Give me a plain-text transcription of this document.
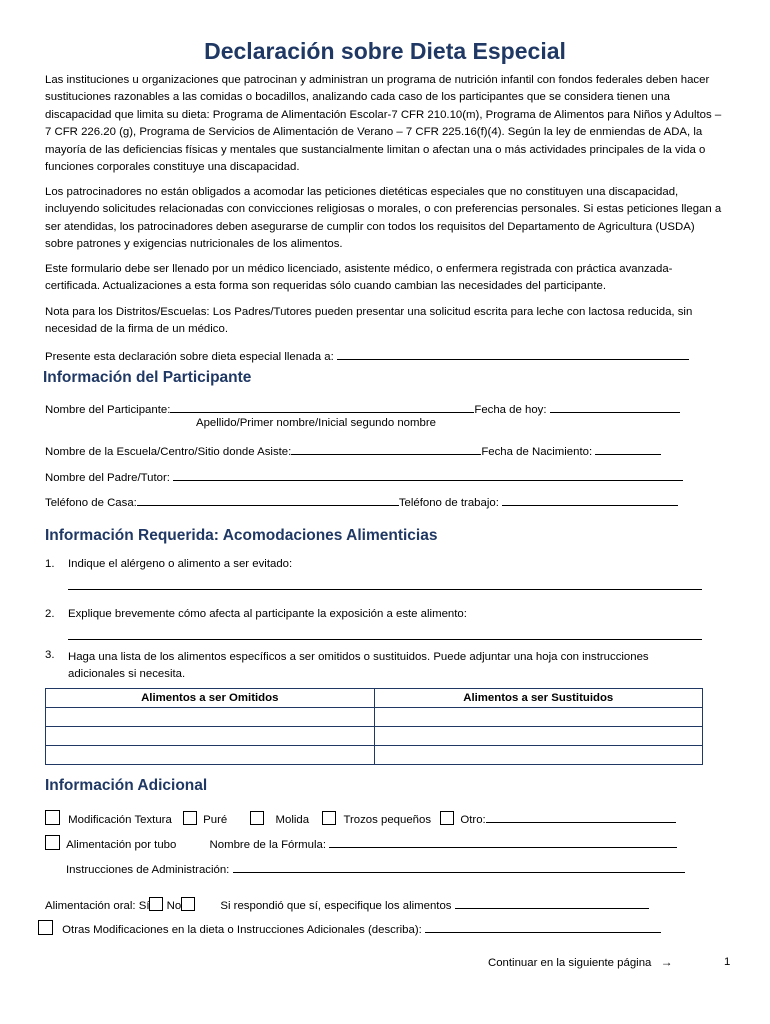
Declaración sobre Dieta Especial
Las instituciones u organizaciones que patrocinan y administran un programa de nutrición infantil con fondos federales deben hacer sustituciones razonables a las comidas o bocadillos, analizando cada caso de los participantes que se considera tienen una discapacidad que limita su dieta: Programa de Alimentación Escolar-7 CFR 210.10(m), Programa de Alimentos para Niños y Adultos – 7 CFR 226.20 (g), Programa de Servicios de Alimentación de Verano – 7 CFR 225.16(f)(4). Según la ley de enmiendas de ADA, la mayoría de las deficiencias físicas y mentales que sustancialmente limitan o afectan una o más actividades principales de la vida o funciones corporales constituye una discapacidad.
Los patrocinadores no están obligados a acomodar las peticiones dietéticas especiales que no constituyen una discapacidad, incluyendo solicitudes relacionadas con convicciones religiosas o morales, o con preferencias personales. Si estas peticiones llegan a ser atendidas, los patrocinadores deben asegurarse de cumplir con todos los requisitos del Departamento de Agricultura (USDA) sobre patrones y exigencias nutricionales de los alimentos.
Este formulario debe ser llenado por un médico licenciado, asistente médico, o enfermera registrada con práctica avanzada-certificada. Actualizaciones a esta forma son requeridas sólo cuando cambian las necesidades del participante.
Nota para los Distritos/Escuelas: Los Padres/Tutores pueden presentar una solicitud escrita para leche con lactosa reducida, sin necesidad de la firma de un médico.
Presente esta declaración sobre dieta especial llenada a:
Información del Participante
Nombre del Participante:	Fecha de hoy:
Apellido/Primer nombre/Inicial segundo nombre
Nombre de la Escuela/Centro/Sitio donde Asiste:	Fecha de Nacimiento:
Nombre del Padre/Tutor:
Teléfono de Casa:	Teléfono de trabajo:
Información Requerida: Acomodaciones Alimenticias
1. Indique el alérgeno o alimento a ser evitado:
2. Explique brevemente cómo afecta al participante la exposición a este alimento:
3. Haga una lista de los alimentos específicos a ser omitidos o sustituidos. Puede adjuntar una hoja con instrucciones adicionales si necesita.
Alimentos a ser Omitidos	Alimentos a ser Sustituidos

Información Adicional
Modificación Textura	Puré	Molida	Trozos pequeños	Otro:
Alimentación por tubo	Nombre de la Fórmula:
Instrucciones de Administración:
Alimentación oral: Sí No	Si respondió que sí, especifique los alimentos
Otras Modificaciones en la dieta o Instrucciones Adicionales (describa):
Continuar en la siguiente página →	1
